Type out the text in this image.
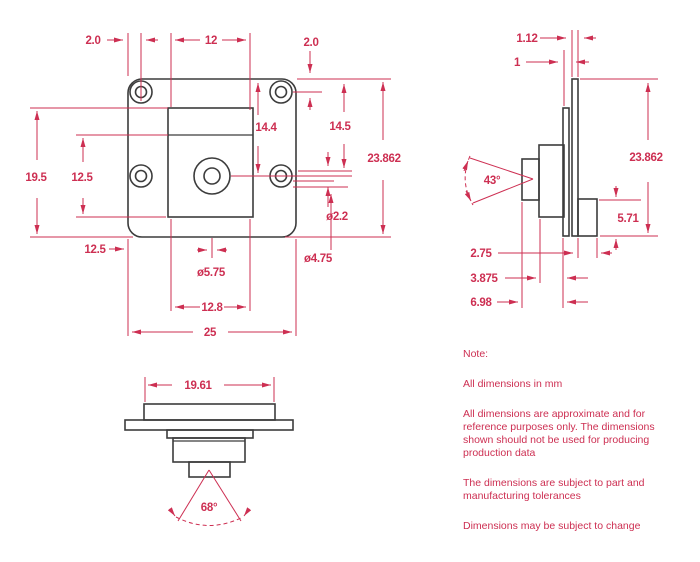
2.0	12	2.0
14.4	14.5
ø2.2
ø4.75
23.862
19.5 12.5
12.5
ø5.75
12.8
25
1.12
1
43°
23.862
5.71
2.75
3.875
6.98
19.61
68°

Note:

All dimensions in mm

All dimensions are approximate and for reference purposes only. The dimensions shown should not be used for producing production data

The dimensions are subject to part and manufacturing tolerances

Dimensions may be subject to change
